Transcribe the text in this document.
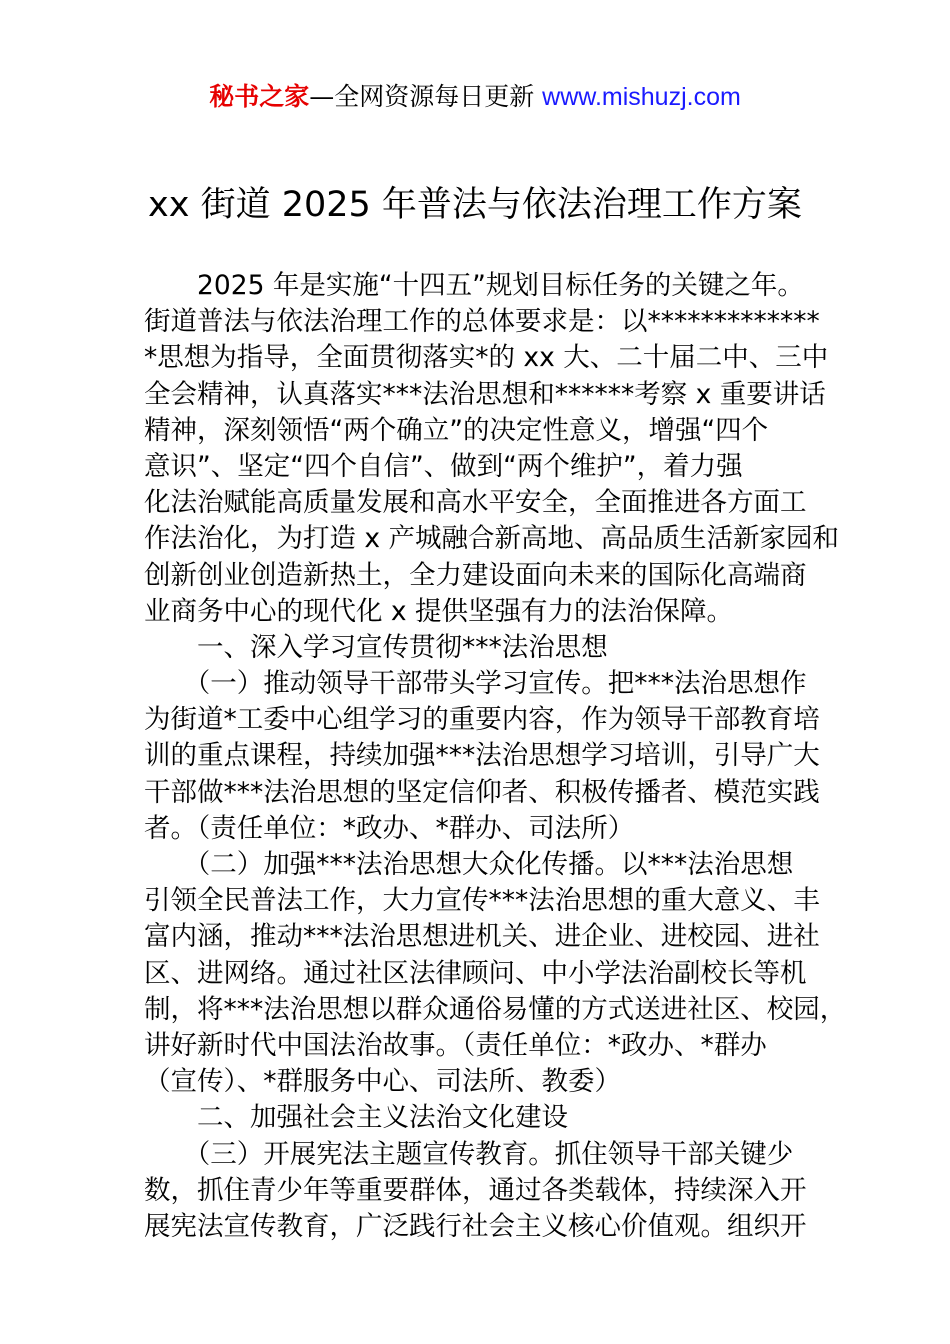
秘书之家—全网资源每日更新 www.mishuzj.com
xx 街道 2025 年普法与依法治理工作方案
　　2025 年是实施“十四五”规划目标任务的关键之年。
街道普法与依法治理工作的总体要求是：以*************
*思想为指导，全面贯彻落实*的 xx 大、二十届二中、三中
全会精神，认真落实***法治思想和******考察 x 重要讲话
精神，深刻领悟“两个确立”的决定性意义，增强“四个
意识”、坚定“四个自信”、做到“两个维护”，着力强
化法治赋能高质量发展和高水平安全，全面推进各方面工
作法治化，为打造 x 产城融合新高地、高品质生活新家园和
创新创业创造新热土，全力建设面向未来的国际化高端商
业商务中心的现代化 x 提供坚强有力的法治保障。
　　一、深入学习宣传贯彻***法治思想
　　（一）推动领导干部带头学习宣传。把***法治思想作
为街道*工委中心组学习的重要内容，作为领导干部教育培
训的重点课程，持续加强***法治思想学习培训，引导广大
干部做***法治思想的坚定信仰者、积极传播者、模范实践
者。（责任单位：*政办、*群办、司法所）
　　（二）加强***法治思想大众化传播。以***法治思想
引领全民普法工作，大力宣传***法治思想的重大意义、丰
富内涵，推动***法治思想进机关、进企业、进校园、进社
区、进网络。通过社区法律顾问、中小学法治副校长等机
制，将***法治思想以群众通俗易懂的方式送进社区、校园，
讲好新时代中国法治故事。（责任单位：*政办、*群办
（宣传）、*群服务中心、司法所、教委）
　　二、加强社会主义法治文化建设
　　（三）开展宪法主题宣传教育。抓住领导干部关键少
数，抓住青少年等重要群体，通过各类载体，持续深入开
展宪法宣传教育，广泛践行社会主义核心价值观。组织开
